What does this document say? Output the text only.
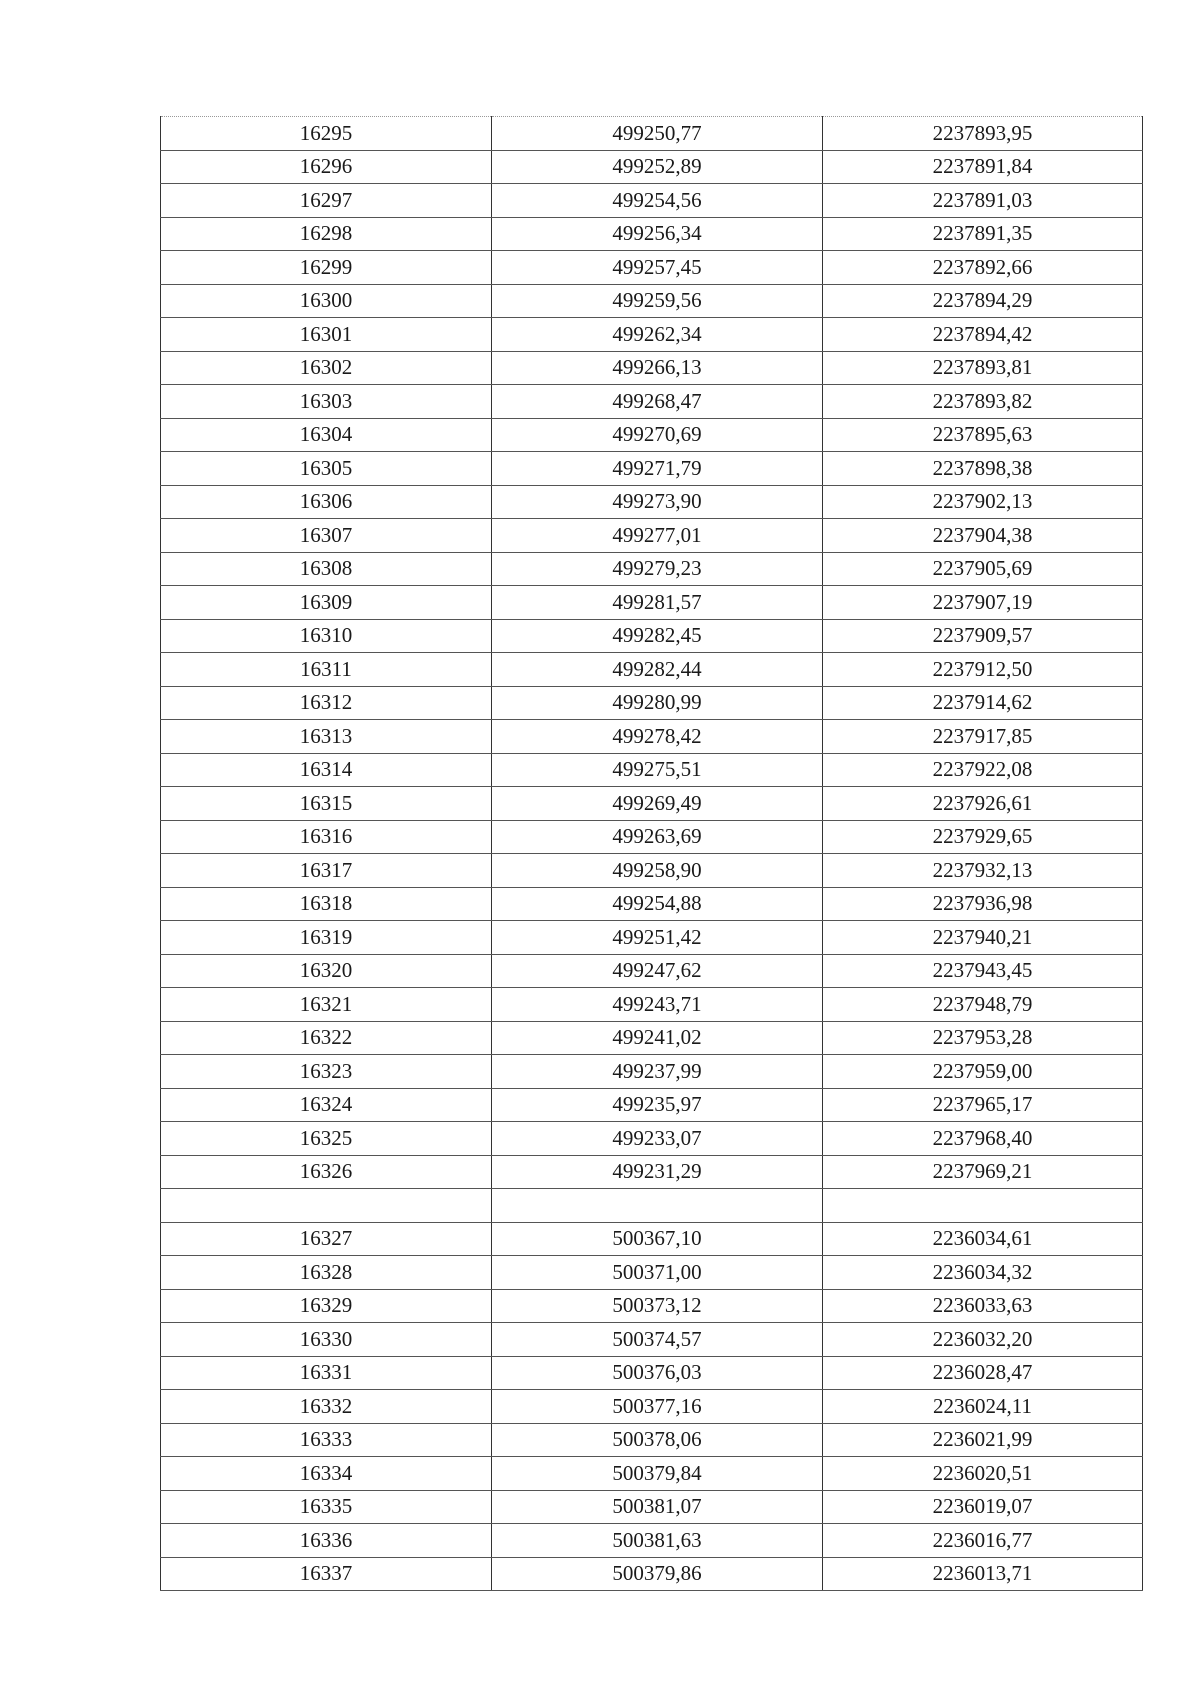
16295	499250,77	2237893,95
16296	499252,89	2237891,84
16297	499254,56	2237891,03
16298	499256,34	2237891,35
16299	499257,45	2237892,66
16300	499259,56	2237894,29
16301	499262,34	2237894,42
16302	499266,13	2237893,81
16303	499268,47	2237893,82
16304	499270,69	2237895,63
16305	499271,79	2237898,38
16306	499273,90	2237902,13
16307	499277,01	2237904,38
16308	499279,23	2237905,69
16309	499281,57	2237907,19
16310	499282,45	2237909,57
16311	499282,44	2237912,50
16312	499280,99	2237914,62
16313	499278,42	2237917,85
16314	499275,51	2237922,08
16315	499269,49	2237926,61
16316	499263,69	2237929,65
16317	499258,90	2237932,13
16318	499254,88	2237936,98
16319	499251,42	2237940,21
16320	499247,62	2237943,45
16321	499243,71	2237948,79
16322	499241,02	2237953,28
16323	499237,99	2237959,00
16324	499235,97	2237965,17
16325	499233,07	2237968,40
16326	499231,29	2237969,21

16327	500367,10	2236034,61
16328	500371,00	2236034,32
16329	500373,12	2236033,63
16330	500374,57	2236032,20
16331	500376,03	2236028,47
16332	500377,16	2236024,11
16333	500378,06	2236021,99
16334	500379,84	2236020,51
16335	500381,07	2236019,07
16336	500381,63	2236016,77
16337	500379,86	2236013,71
